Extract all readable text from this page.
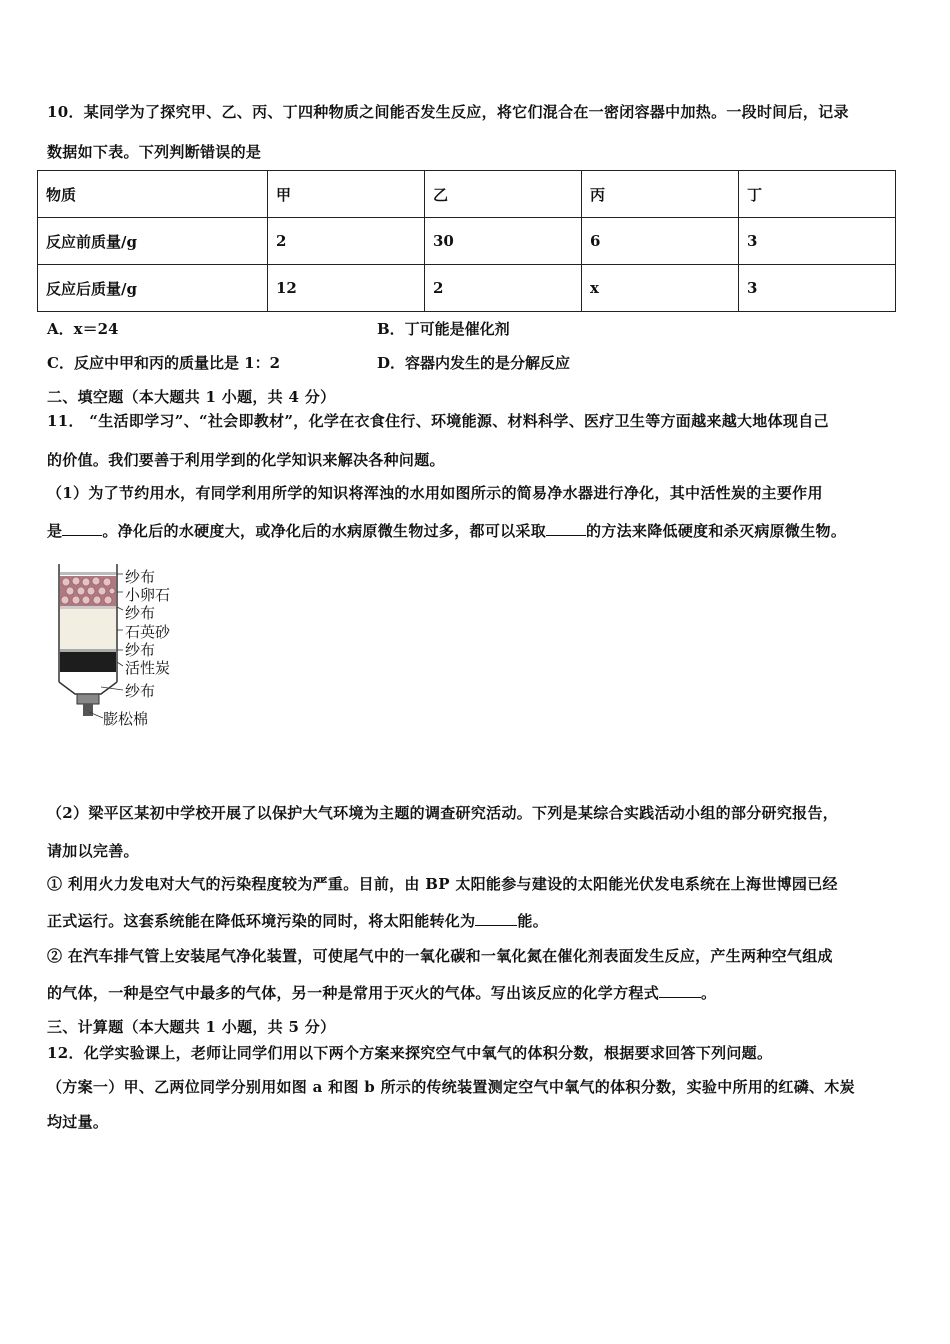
10．某同学为了探究甲、乙、丙、丁四种物质之间能否发生反应，将它们混合在一密闭容器中加热。一段时间后，记录
数据如下表。下列判断错误的是
物质	甲	乙	丙	丁
反应前质量/g	2	30	6	3
反应后质量/g	12	2	x	3
A．x＝24	B．丁可能是催化剂
C．反应中甲和丙的质量比是 1：2	D．容器内发生的是分解反应
二、填空题（本大题共 1 小题，共 4 分）
11． “生活即学习”、“社会即教材”，化学在衣食住行、环境能源、材料科学、医疗卫生等方面越来越大地体现自己
的价值。我们要善于利用学到的化学知识来解决各种问题。
（1）为了节约用水，有同学利用所学的知识将浑浊的水用如图所示的简易净水器进行净化，其中活性炭的主要作用
是	。净化后的水硬度大，或净化后的水病原微生物过多，都可以采取	的方法来降低硬度和杀灭病原微生物。
纱布
小卵石
纱布
石英砂
纱布
活性炭
纱布
膨松棉
（2）梁平区某初中学校开展了以保护大气环境为主题的调查研究活动。下列是某综合实践活动小组的部分研究报告，
请加以完善。
① 利用火力发电对大气的污染程度较为严重。目前，由 BP 太阳能参与建设的太阳能光伏发电系统在上海世博园已经
正式运行。这套系统能在降低环境污染的同时，将太阳能转化为	能。
② 在汽车排气管上安装尾气净化装置，可使尾气中的一氧化碳和一氧化氮在催化剂表面发生反应，产生两种空气组成
的气体，一种是空气中最多的气体，另一种是常用于灭火的气体。写出该反应的化学方程式	。
三、计算题（本大题共 1 小题，共 5 分）
12．化学实验课上，老师让同学们用以下两个方案来探究空气中氧气的体积分数，根据要求回答下列问题。
（方案一）甲、乙两位同学分别用如图 a 和图 b 所示的传统装置测定空气中氧气的体积分数，实验中所用的红磷、木炭
均过量。
